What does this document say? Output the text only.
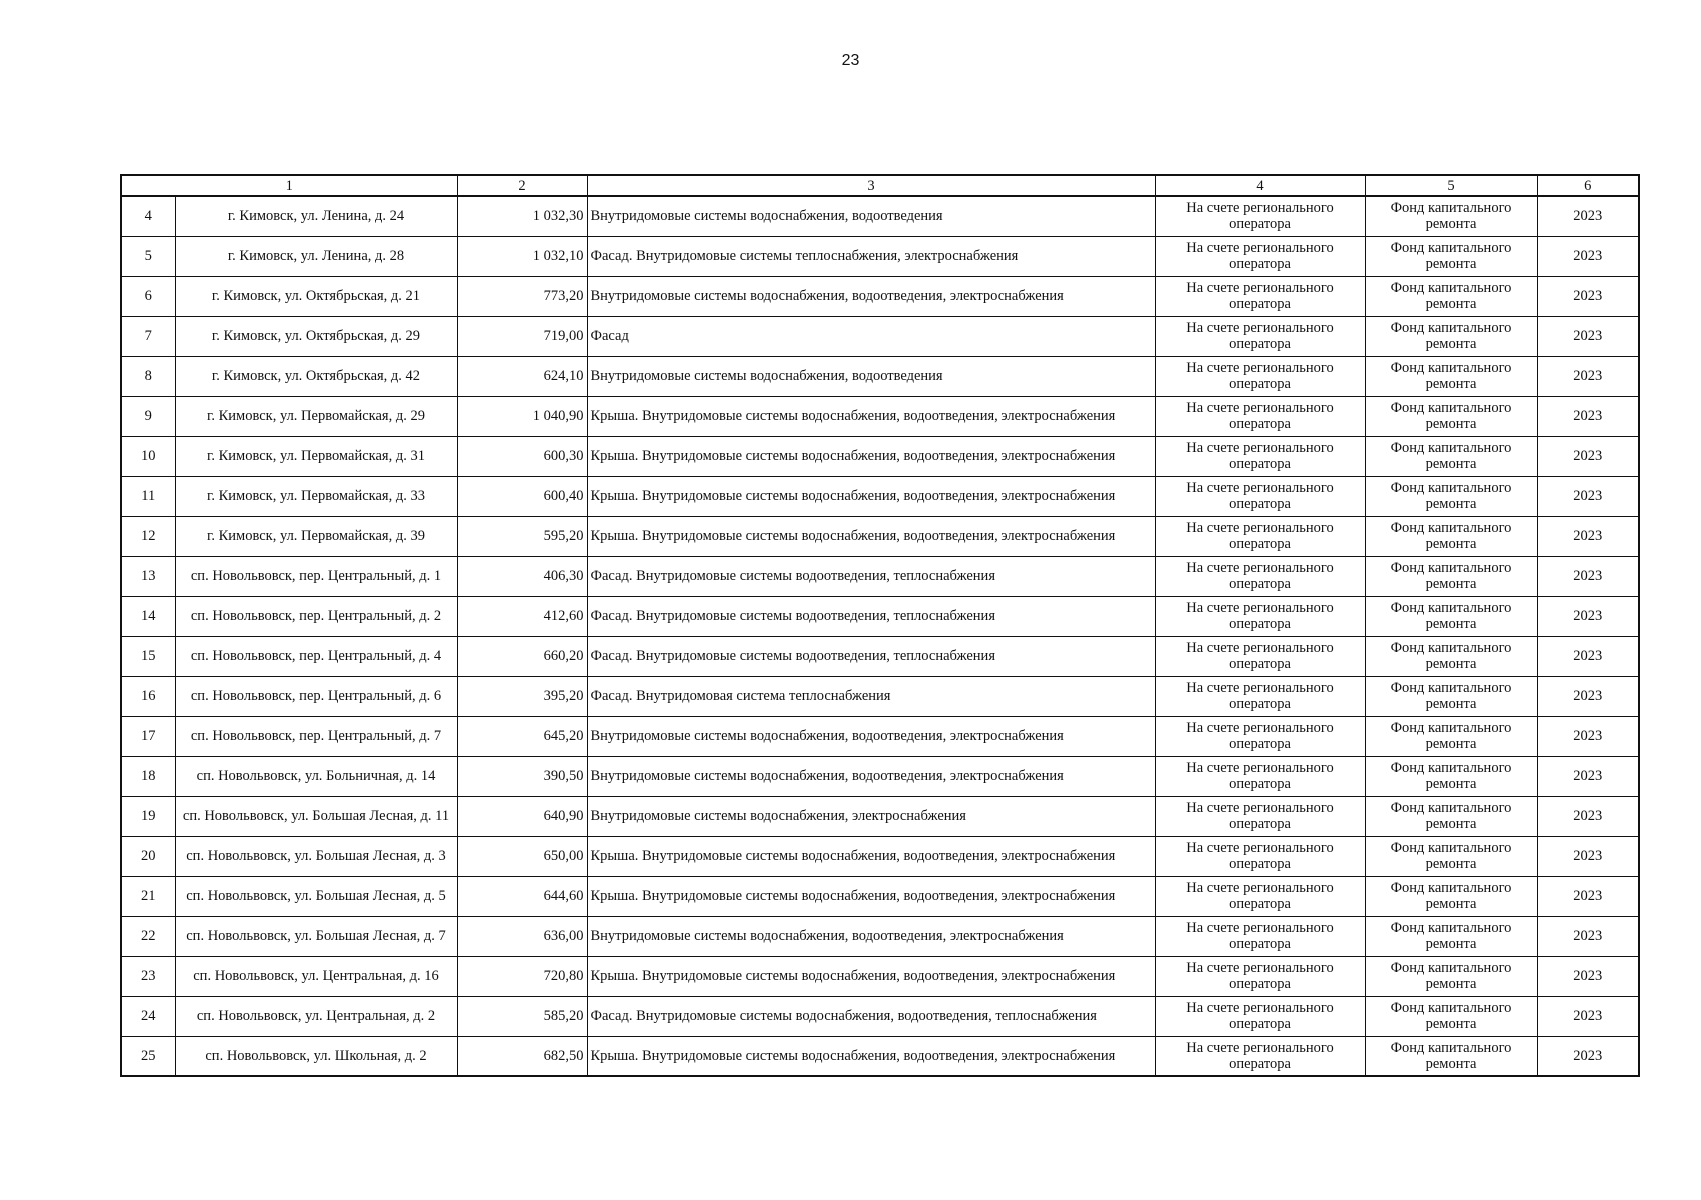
23
1		2	3	4	5	6
4	г. Кимовск, ул. Ленина, д. 24	1 032,30	Внутридомовые системы водоснабжения, водоотведения	На счете регионального оператора	Фонд капитального ремонта	2023
5	г. Кимовск, ул. Ленина, д. 28	1 032,10	Фасад. Внутридомовые системы теплоснабжения, электроснабжения	На счете регионального оператора	Фонд капитального ремонта	2023
6	г. Кимовск, ул. Октябрьская, д. 21	773,20	Внутридомовые системы водоснабжения, водоотведения, электроснабжения	На счете регионального оператора	Фонд капитального ремонта	2023
7	г. Кимовск, ул. Октябрьская, д. 29	719,00	Фасад	На счете регионального оператора	Фонд капитального ремонта	2023
8	г. Кимовск, ул. Октябрьская, д. 42	624,10	Внутридомовые системы водоснабжения, водоотведения	На счете регионального оператора	Фонд капитального ремонта	2023
9	г. Кимовск, ул. Первомайская, д. 29	1 040,90	Крыша. Внутридомовые системы водоснабжения, водоотведения, электроснабжения	На счете регионального оператора	Фонд капитального ремонта	2023
10	г. Кимовск, ул. Первомайская, д. 31	600,30	Крыша. Внутридомовые системы водоснабжения, водоотведения, электроснабжения	На счете регионального оператора	Фонд капитального ремонта	2023
11	г. Кимовск, ул. Первомайская, д. 33	600,40	Крыша. Внутридомовые системы водоснабжения, водоотведения, электроснабжения	На счете регионального оператора	Фонд капитального ремонта	2023
12	г. Кимовск, ул. Первомайская, д. 39	595,20	Крыша. Внутридомовые системы водоснабжения, водоотведения, электроснабжения	На счете регионального оператора	Фонд капитального ремонта	2023
13	сп. Новольвовск, пер. Центральный, д. 1	406,30	Фасад. Внутридомовые системы водоотведения, теплоснабжения	На счете регионального оператора	Фонд капитального ремонта	2023
14	сп. Новольвовск, пер. Центральный, д. 2	412,60	Фасад. Внутридомовые системы водоотведения, теплоснабжения	На счете регионального оператора	Фонд капитального ремонта	2023
15	сп. Новольвовск, пер. Центральный, д. 4	660,20	Фасад. Внутридомовые системы водоотведения, теплоснабжения	На счете регионального оператора	Фонд капитального ремонта	2023
16	сп. Новольвовск, пер. Центральный, д. 6	395,20	Фасад. Внутридомовая система теплоснабжения	На счете регионального оператора	Фонд капитального ремонта	2023
17	сп. Новольвовск, пер. Центральный, д. 7	645,20	Внутридомовые системы водоснабжения, водоотведения, электроснабжения	На счете регионального оператора	Фонд капитального ремонта	2023
18	сп. Новольвовск, ул. Больничная, д. 14	390,50	Внутридомовые системы водоснабжения, водоотведения, электроснабжения	На счете регионального оператора	Фонд капитального ремонта	2023
19	сп. Новольвовск, ул. Большая Лесная, д. 11	640,90	Внутридомовые системы водоснабжения, электроснабжения	На счете регионального оператора	Фонд капитального ремонта	2023
20	сп. Новольвовск, ул. Большая Лесная, д. 3	650,00	Крыша. Внутридомовые системы водоснабжения, водоотведения, электроснабжения	На счете регионального оператора	Фонд капитального ремонта	2023
21	сп. Новольвовск, ул. Большая Лесная, д. 5	644,60	Крыша. Внутридомовые системы водоснабжения, водоотведения, электроснабжения	На счете регионального оператора	Фонд капитального ремонта	2023
22	сп. Новольвовск, ул. Большая Лесная, д. 7	636,00	Внутридомовые системы водоснабжения, водоотведения, электроснабжения	На счете регионального оператора	Фонд капитального ремонта	2023
23	сп. Новольвовск, ул. Центральная, д. 16	720,80	Крыша. Внутридомовые системы водоснабжения, водоотведения, электроснабжения	На счете регионального оператора	Фонд капитального ремонта	2023
24	сп. Новольвовск, ул. Центральная, д. 2	585,20	Фасад. Внутридомовые системы водоснабжения, водоотведения, теплоснабжения	На счете регионального оператора	Фонд капитального ремонта	2023
25	сп. Новольвовск, ул. Школьная, д. 2	682,50	Крыша. Внутридомовые системы водоснабжения, водоотведения, электроснабжения	На счете регионального оператора	Фонд капитального ремонта	2023
